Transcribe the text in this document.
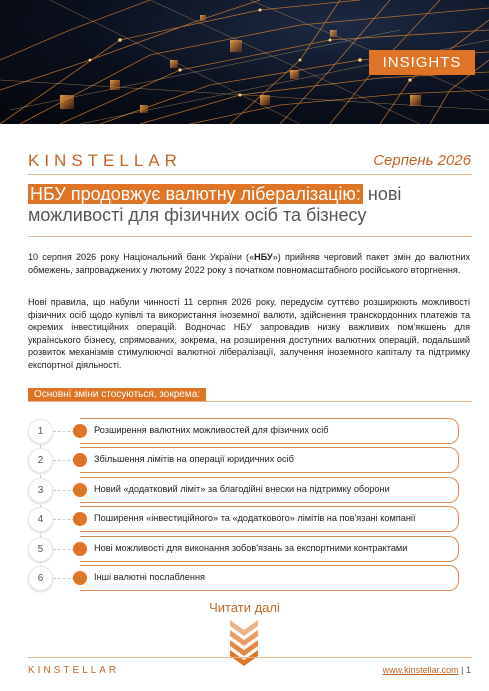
INSIGHTS
KINSTELLAR	Серпень 2026
НБУ продовжує валютну лібералізацію: нові можливості для фізичних осіб та бізнесу
10 серпня 2026 року Національний банк України («НБУ») прийняв черговий пакет змін до валютних обмежень, запроваджених у лютому 2022 року з початком повномасштабного російського вторгнення.
Нові правила, що набули чинності 11 серпня 2026 року, передусім суттєво розширюють можливості фізичних осіб щодо купівлі та використання іноземної валюти, здійснення транскордонних платежів та окремих інвестиційних операцій. Водночас НБУ запровадив низку важливих пом'якшень для українського бізнесу, спрямованих, зокрема, на розширення доступних валютних операцій, подальший розвиток механізмів стимулюючої валютної лібералізації, залучення іноземного капіталу та підтримку експортної діяльності.
Основні зміни стосуються, зокрема:
1	Розширення валютних можливостей для фізичних осіб
2	Збільшення лімітів на операції юридичних осіб
3	Новий «додатковий ліміт» за благодійні внески на підтримку оборони
4	Поширення «інвестиційного» та «додаткового» лімітів на пов'язані компанії
5	Нові можливості для виконання зобов'язань за експортними контрактами
6	Інші валютні послаблення
Читати далі
KINSTELLAR	www.kinstellar.com | 1
